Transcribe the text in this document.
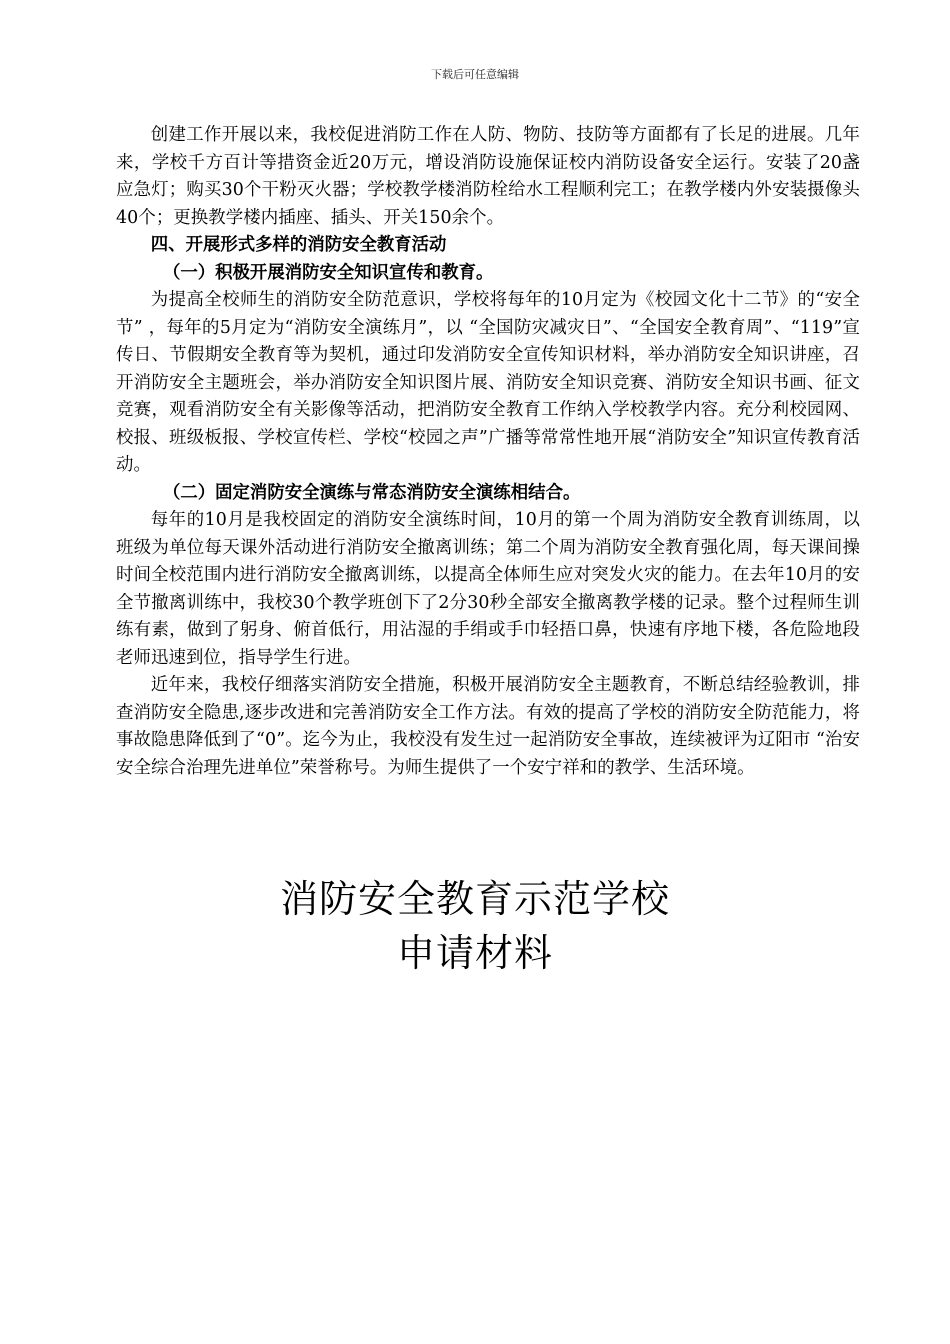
下载后可任意编辑

创建工作开展以来，我校促进消防工作在人防、物防、技防等方面都有了长足的进展。几年来，学校千方百计等措资金近20万元，增设消防设施保证校内消防设备安全运行。安装了20盏应急灯；购买30个干粉灭火器；学校教学楼消防栓给水工程顺利完工；在教学楼内外安装摄像头40个；更换教学楼内插座、插头、开关150余个。

四、开展形式多样的消防安全教育活动

（一）积极开展消防安全知识宣传和教育。

为提高全校师生的消防安全防范意识，学校将每年的10月定为《校园文化十二节》的“安全节” ，每年的5月定为“消防安全演练月”，以 “全国防灾减灾日”、“全国安全教育周”、“119”宣传日、节假期安全教育等为契机，通过印发消防安全宣传知识材料，举办消防安全知识讲座，召开消防安全主题班会，举办消防安全知识图片展、消防安全知识竞赛、消防安全知识书画、征文竞赛，观看消防安全有关影像等活动，把消防安全教育工作纳入学校教学内容。充分利校园网、校报、班级板报、学校宣传栏、学校“校园之声”广播等常常性地开展“消防安全”知识宣传教育活动。

（二）固定消防安全演练与常态消防安全演练相结合。

每年的10月是我校固定的消防安全演练时间，10月的第一个周为消防安全教育训练周，以班级为单位每天课外活动进行消防安全撤离训练；第二个周为消防安全教育强化周，每天课间操时间全校范围内进行消防安全撤离训练，以提高全体师生应对突发火灾的能力。在去年10月的安全节撤离训练中，我校30个教学班创下了2分30秒全部安全撤离教学楼的记录。整个过程师生训练有素，做到了躬身、俯首低行，用沾湿的手绢或手巾轻捂口鼻，快速有序地下楼，各危险地段老师迅速到位，指导学生行进。

近年来，我校仔细落实消防安全措施，积极开展消防安全主题教育，不断总结经验教训，排查消防安全隐患,逐步改进和完善消防安全工作方法。有效的提高了学校的消防安全防范能力，将事故隐患降低到了“0”。迄今为止，我校没有发生过一起消防安全事故，连续被评为辽阳市 “治安安全综合治理先进单位”荣誉称号。为师生提供了一个安宁祥和的教学、生活环境。

消防安全教育示范学校
申请材料
